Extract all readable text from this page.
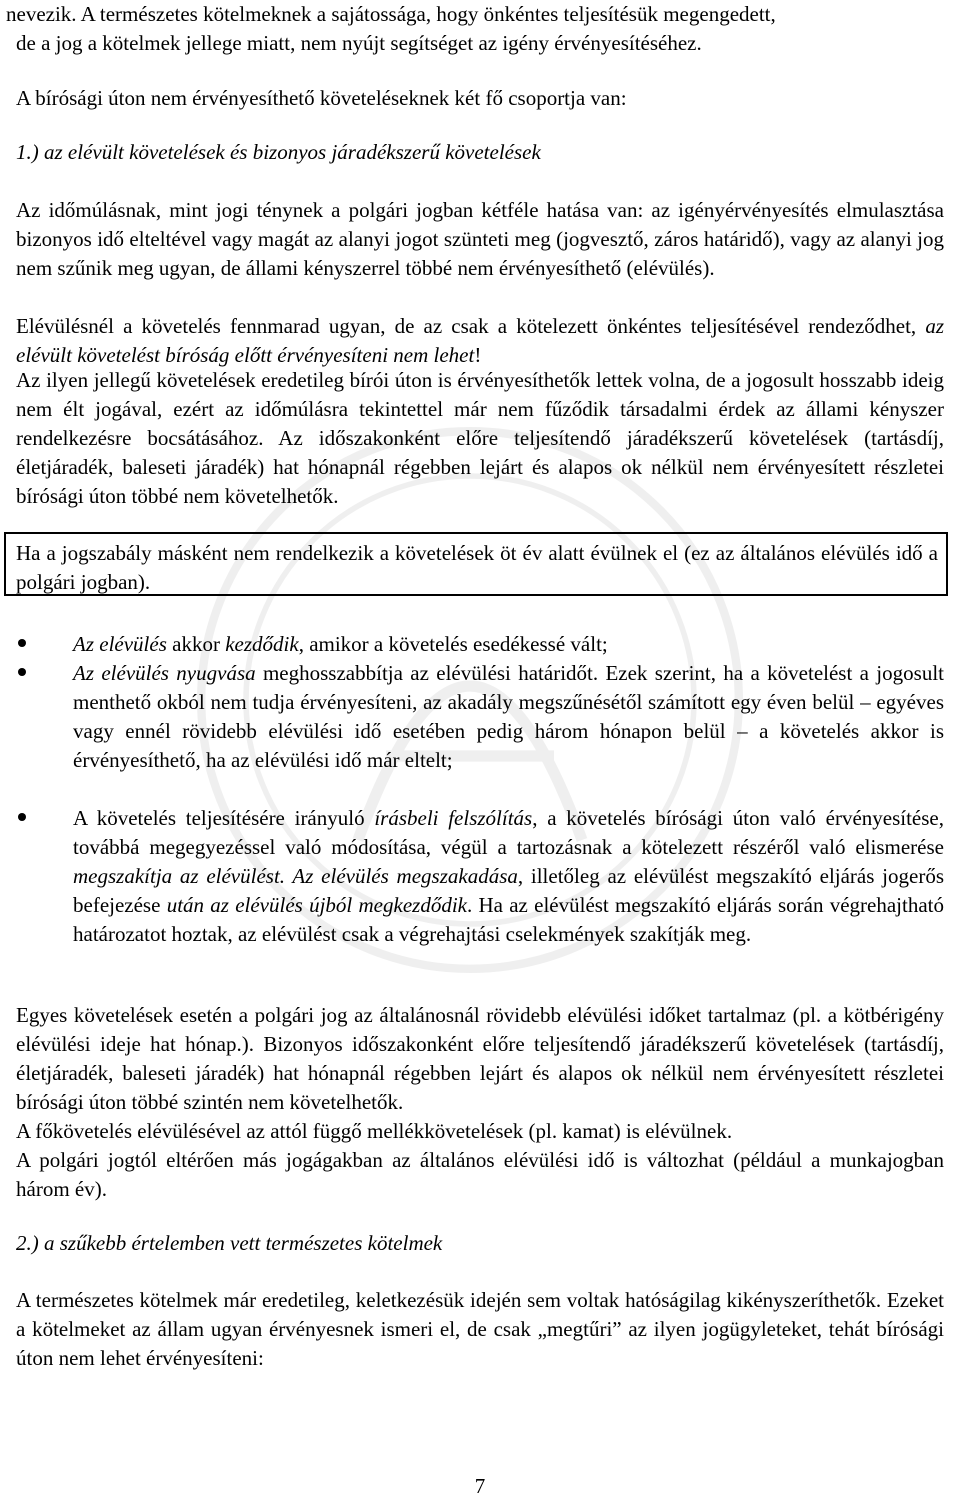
nevezik. A természetes kötelmeknek a sajátossága, hogy önkéntes teljesítésük megengedett,

de a jog a kötelmek jellege miatt, nem nyújt segítséget az igény érvényesítéséhez.

A bírósági úton nem érvényesíthető követeléseknek két fő csoportja van:

1.) az elévült követelések és bizonyos járadékszerű követelések

Az időmúlásnak, mint jogi ténynek a polgári jogban kétféle hatása van: az igényérvényesítés elmulasztása bizonyos idő elteltével vagy magát az alanyi jogot szünteti meg (jogvesztő, záros határidő), vagy az alanyi jog nem szűnik meg ugyan, de állami kényszerrel többé nem érvényesíthető (elévülés).

Elévülésnél a követelés fennmarad ugyan, de az csak a kötelezett önkéntes teljesítésével rendeződhet, az elévült követelést bíróság előtt érvényesíteni nem lehet!

Az ilyen jellegű követelések eredetileg bírói úton is érvényesíthetők lettek volna, de a jogosult hosszabb ideig nem élt jogával, ezért az időmúlásra tekintettel már nem fűződik társadalmi érdek az állami kényszer rendelkezésre bocsátásához. Az időszakonként előre teljesítendő járadékszerű követelések (tartásdíj, életjáradék, baleseti járadék) hat hónapnál régebben lejárt és alapos ok nélkül nem érvényesített részletei bírósági úton többé nem követelhetők.

Ha a jogszabály másként nem rendelkezik a követelések öt év alatt évülnek el (ez az általános elévülés idő a polgári jogban).

Az elévülés akkor kezdődik, amikor a követelés esedékessé vált;

Az elévülés nyugvása meghosszabbítja az elévülési határidőt. Ezek szerint, ha a követelést a jogosult menthető okból nem tudja érvényesíteni, az akadály megszűnésétől számított egy éven belül – egyéves vagy ennél rövidebb elévülési idő esetében pedig három hónapon belül – a követelés akkor is érvényesíthető, ha az elévülési idő már eltelt;

A követelés teljesítésére irányuló írásbeli felszólítás, a követelés bírósági úton való érvényesítése, továbbá megegyezéssel való módosítása, végül a tartozásnak a kötelezett részéről való elismerése megszakítja az elévülést. Az elévülés megszakadása, illetőleg az elévülést megszakító eljárás jogerős befejezése után az elévülés újból megkezdődik. Ha az elévülést megszakító eljárás során végrehajtható határozatot hoztak, az elévülést csak a végrehajtási cselekmények szakítják meg.

Egyes követelések esetén a polgári jog az általánosnál rövidebb elévülési időket tartalmaz (pl. a kötbérigény elévülési ideje hat hónap.). Bizonyos időszakonként előre teljesítendő járadékszerű követelések (tartásdíj, életjáradék, baleseti járadék) hat hónapnál régebben lejárt és alapos ok nélkül nem érvényesített részletei bírósági úton többé szintén nem követelhetők.

A főkövetelés elévülésével az attól függő mellékkövetelések (pl. kamat) is elévülnek.

A polgári jogtól eltérően más jogágakban az általános elévülési idő is változhat (például a munkajogban három év).

2.) a szűkebb értelemben vett természetes kötelmek

A természetes kötelmek már eredetileg, keletkezésük idején sem voltak hatóságilag kikényszeríthetők. Ezeket a kötelmeket az állam ugyan érvényesnek ismeri el, de csak „megtűri” az ilyen jogügyleteket, tehát bírósági úton nem lehet érvényesíteni:

7
